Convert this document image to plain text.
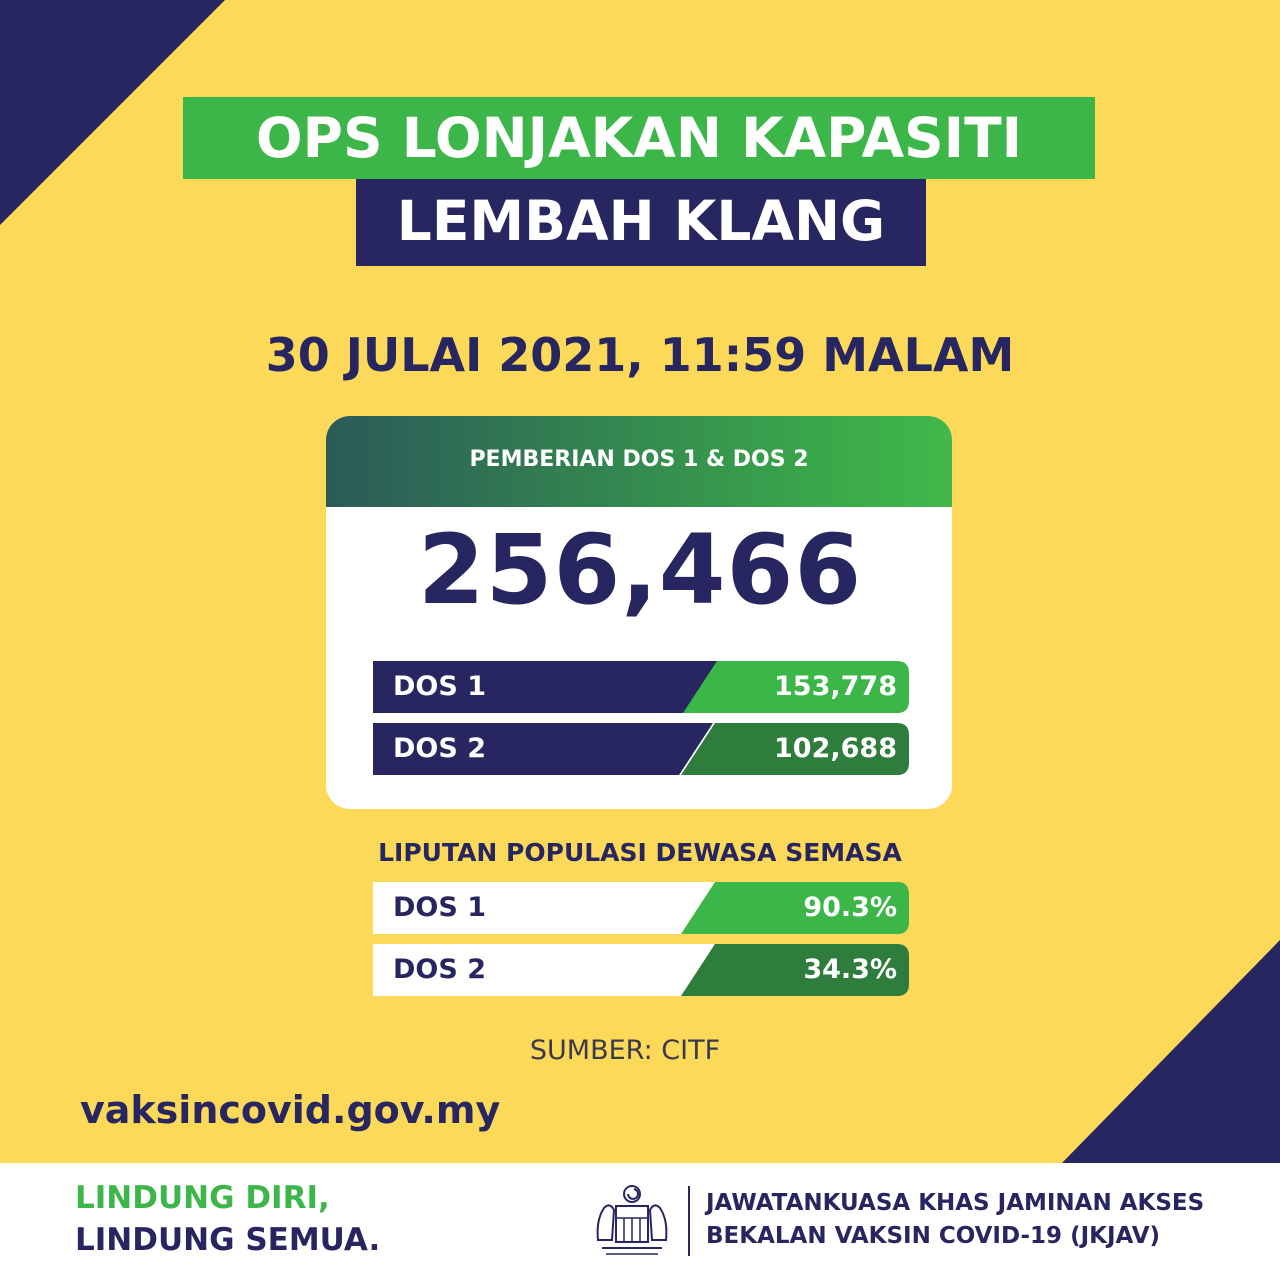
OPS LONJAKAN KAPASITI
LEMBAH KLANG
30 JULAI 2021, 11:59 MALAM
PEMBERIAN DOS 1 & DOS 2
256,466
DOS 1	153,778
DOS 2	102,688
LIPUTAN POPULASI DEWASA SEMASA
DOS 1	90.3%
DOS 2	34.3%
SUMBER: CITF
vaksincovid.gov.my
LINDUNG DIRI,
LINDUNG SEMUA.
JAWATANKUASA KHAS JAMINAN AKSES
BEKALAN VAKSIN COVID-19 (JKJAV)
